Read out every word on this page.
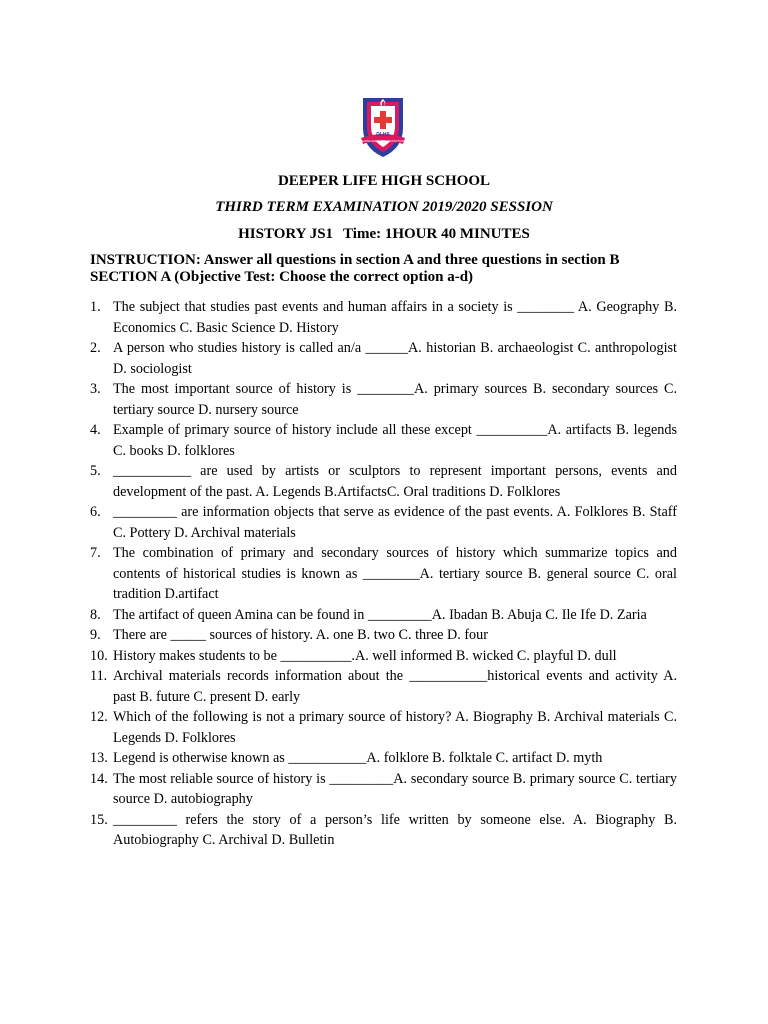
DLHS
EXCELLENCE WITH DISTINCTION
DEEPER LIFE HIGH SCHOOL
THIRD TERM EXAMINATION 2019/2020 SESSION
HISTORY JS1 Time: 1HOUR 40 MINUTES
INSTRUCTION: Answer all questions in section A and three questions in section B
SECTION A (Objective Test: Choose the correct option a-d)
1. The subject that studies past events and human affairs in a society is ________ A. Geography B. Economics C. Basic Science D. History
2. A person who studies history is called an/a ______A. historian B. archaeologist C. anthropologist D. sociologist
3. The most important source of history is ________A. primary sources B. secondary sources C. tertiary source D. nursery source
4. Example of primary source of history include all these except __________A. artifacts B. legends C. books D. folklores
5. ___________ are used by artists or sculptors to represent important persons, events and development of the past. A. Legends B.ArtifactsC. Oral traditions D. Folklores
6. _________ are information objects that serve as evidence of the past events. A. Folklores B. Staff C. Pottery D. Archival materials
7. The combination of primary and secondary sources of history which summarize topics and contents of historical studies is known as ________A. tertiary source B. general source C. oral tradition D.artifact
8. The artifact of queen Amina can be found in _________A. Ibadan B. Abuja C. Ile Ife D. Zaria
9. There are _____ sources of history. A. one B. two C. three D. four
10. History makes students to be __________.A. well informed B. wicked C. playful D. dull
11. Archival materials records information about the ___________historical events and activity A. past B. future C. present D. early
12. Which of the following is not a primary source of history? A. Biography B. Archival materials C. Legends D. Folklores
13. Legend is otherwise known as ___________A. folklore B. folktale C. artifact D. myth
14. The most reliable source of history is _________A. secondary source B. primary source C. tertiary source D. autobiography
15. _________ refers the story of a person’s life written by someone else. A. Biography B. Autobiography C. Archival D. Bulletin
